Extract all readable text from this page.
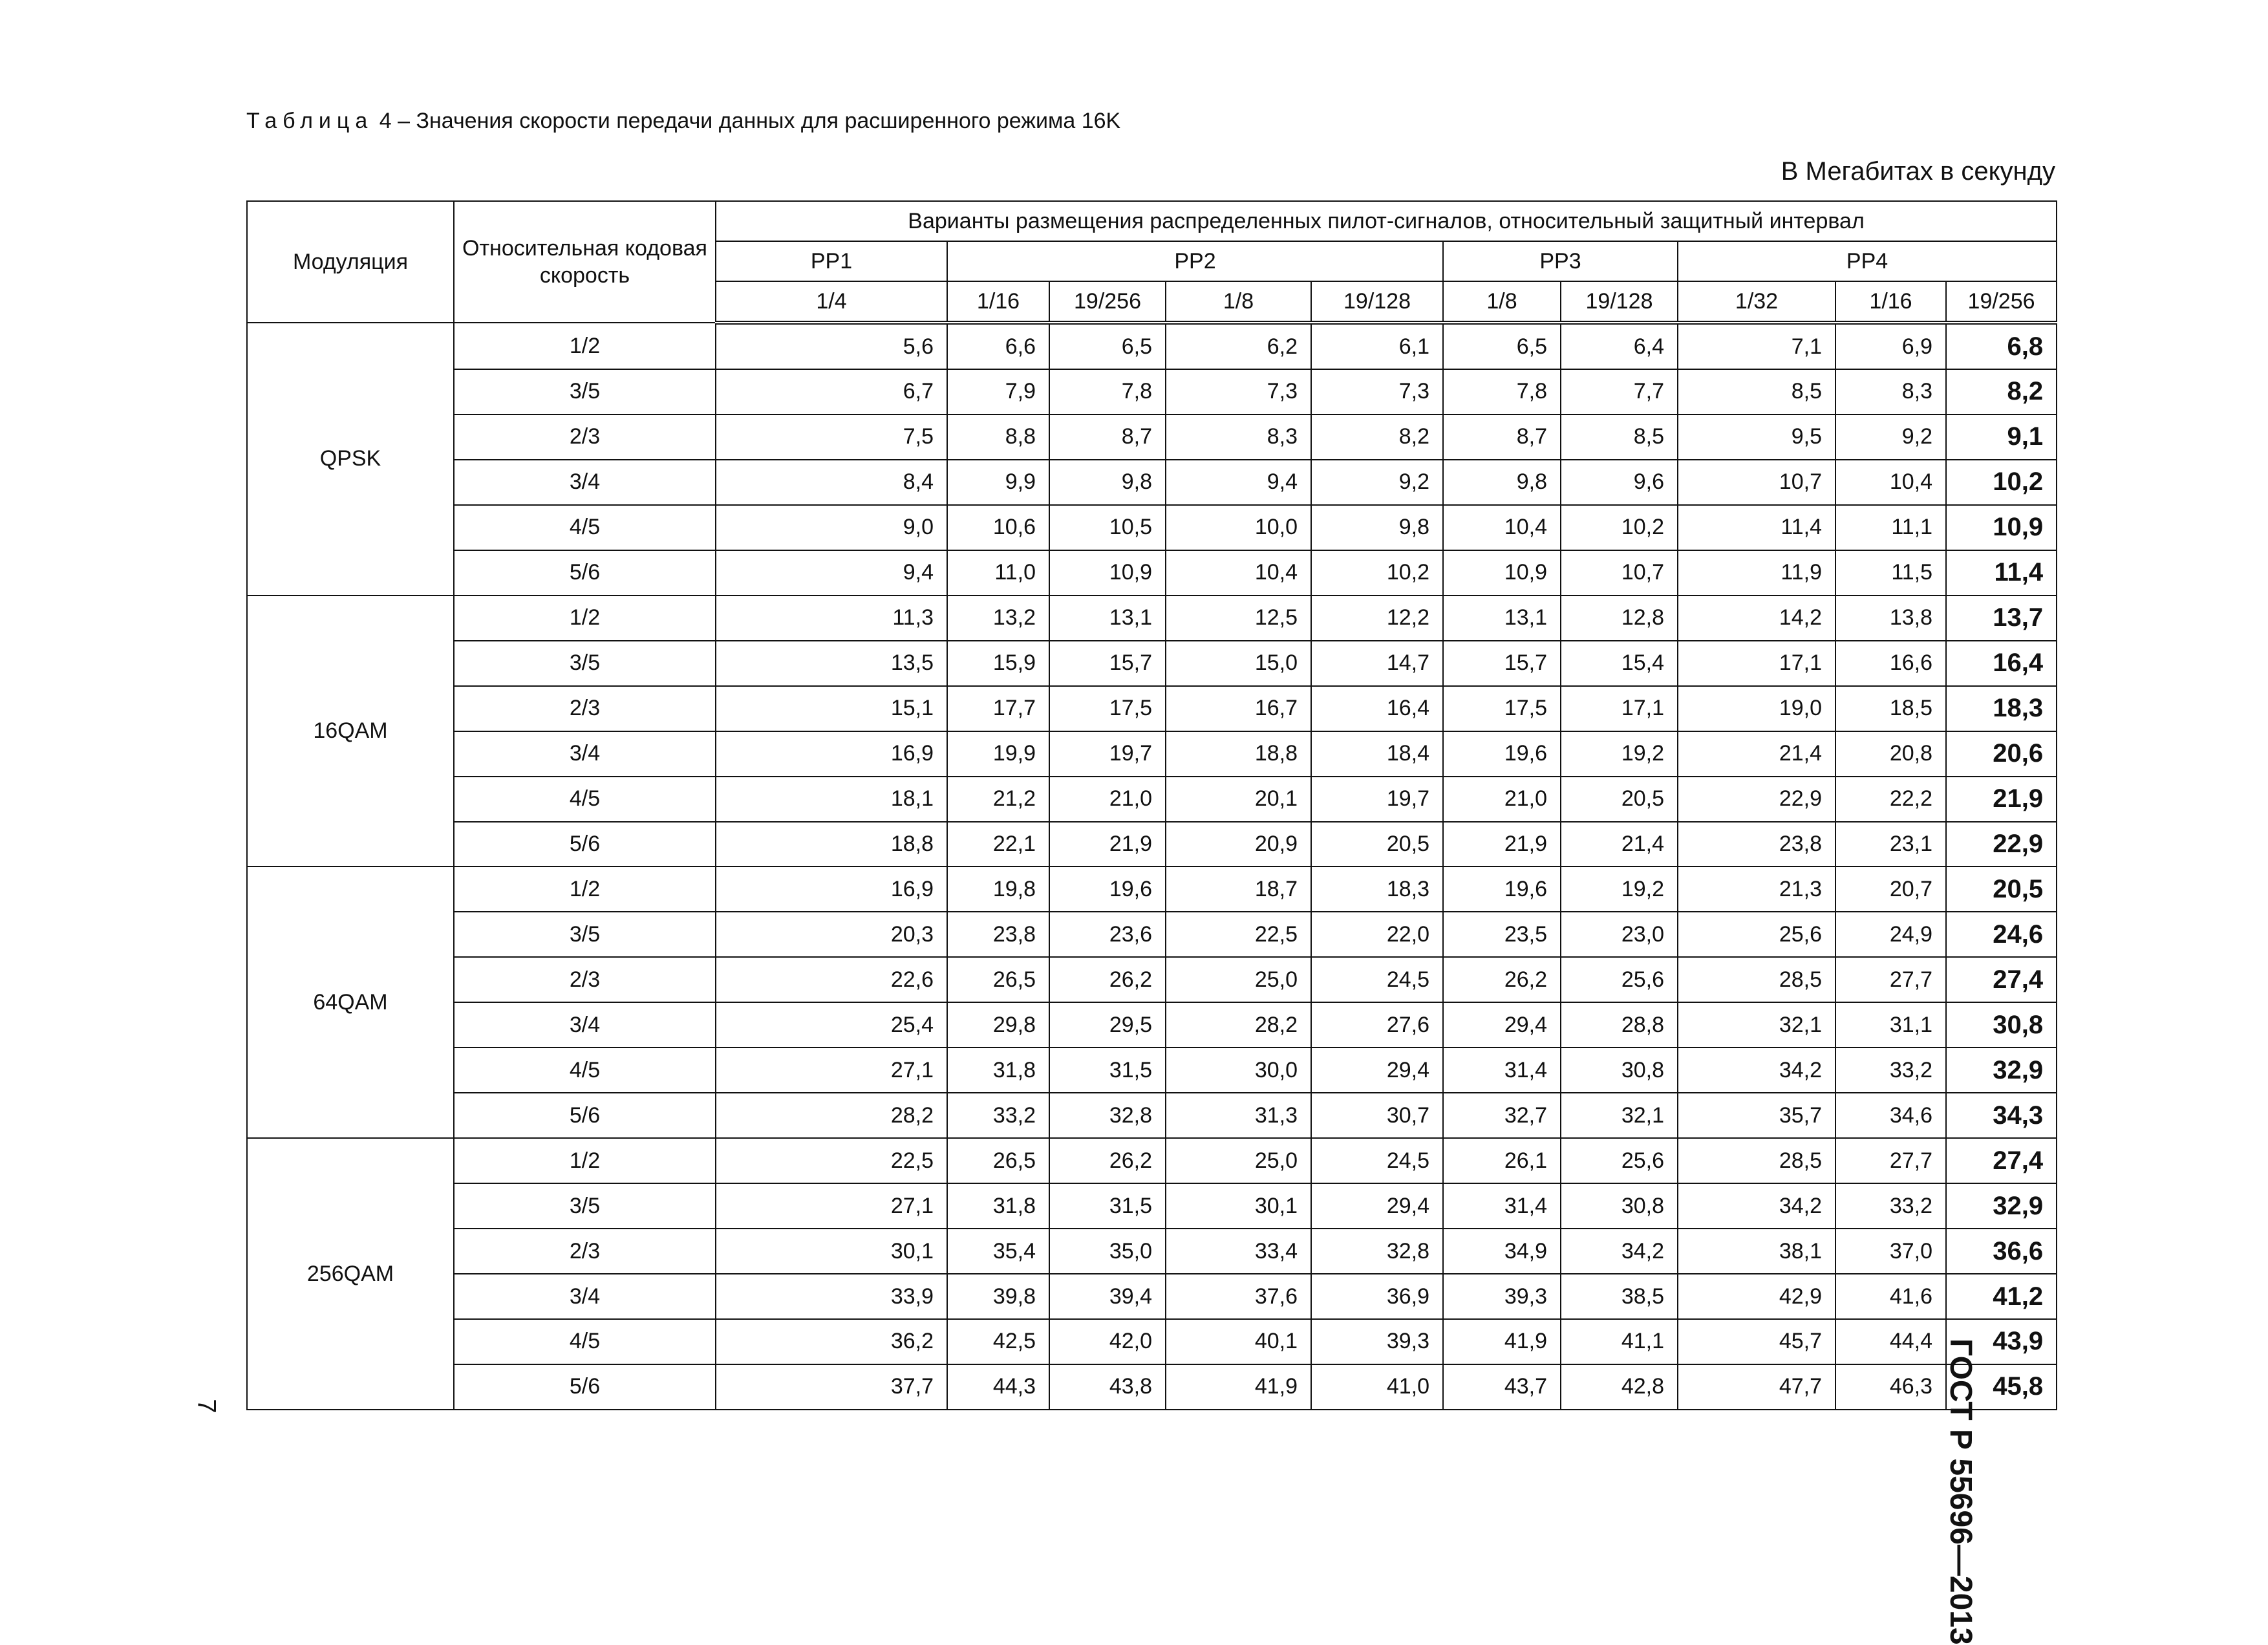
Таблица 4 – Значения скорости передачи данных для расширенного режима 16K
В Мегабитах в секунду
Модуляция	Относительная кодовая скорость	Варианты размещения распределенных пилот-сигналов, относительный защитный интервал									
		PP1	PP2				PP3		PP4		
		1/4	1/16	19/256	1/8	19/128	1/8	19/128	1/32	1/16	19/256
QPSK	1/2	5,6	6,6	6,5	6,2	6,1	6,5	6,4	7,1	6,9	6,8
	3/5	6,7	7,9	7,8	7,3	7,3	7,8	7,7	8,5	8,3	8,2
	2/3	7,5	8,8	8,7	8,3	8,2	8,7	8,5	9,5	9,2	9,1
	3/4	8,4	9,9	9,8	9,4	9,2	9,8	9,6	10,7	10,4	10,2
	4/5	9,0	10,6	10,5	10,0	9,8	10,4	10,2	11,4	11,1	10,9
	5/6	9,4	11,0	10,9	10,4	10,2	10,9	10,7	11,9	11,5	11,4
16QAM	1/2	11,3	13,2	13,1	12,5	12,2	13,1	12,8	14,2	13,8	13,7
	3/5	13,5	15,9	15,7	15,0	14,7	15,7	15,4	17,1	16,6	16,4
	2/3	15,1	17,7	17,5	16,7	16,4	17,5	17,1	19,0	18,5	18,3
	3/4	16,9	19,9	19,7	18,8	18,4	19,6	19,2	21,4	20,8	20,6
	4/5	18,1	21,2	21,0	20,1	19,7	21,0	20,5	22,9	22,2	21,9
	5/6	18,8	22,1	21,9	20,9	20,5	21,9	21,4	23,8	23,1	22,9
64QAM	1/2	16,9	19,8	19,6	18,7	18,3	19,6	19,2	21,3	20,7	20,5
	3/5	20,3	23,8	23,6	22,5	22,0	23,5	23,0	25,6	24,9	24,6
	2/3	22,6	26,5	26,2	25,0	24,5	26,2	25,6	28,5	27,7	27,4
	3/4	25,4	29,8	29,5	28,2	27,6	29,4	28,8	32,1	31,1	30,8
	4/5	27,1	31,8	31,5	30,0	29,4	31,4	30,8	34,2	33,2	32,9
	5/6	28,2	33,2	32,8	31,3	30,7	32,7	32,1	35,7	34,6	34,3
256QAM	1/2	22,5	26,5	26,2	25,0	24,5	26,1	25,6	28,5	27,7	27,4
	3/5	27,1	31,8	31,5	30,1	29,4	31,4	30,8	34,2	33,2	32,9
	2/3	30,1	35,4	35,0	33,4	32,8	34,9	34,2	38,1	37,0	36,6
	3/4	33,9	39,8	39,4	37,6	36,9	39,3	38,5	42,9	41,6	41,2
	4/5	36,2	42,5	42,0	40,1	39,3	41,9	41,1	45,7	44,4	43,9
	5/6	37,7	44,3	43,8	41,9	41,0	43,7	42,8	47,7	46,3	45,8
7	ГОСТ Р 55696—2013
